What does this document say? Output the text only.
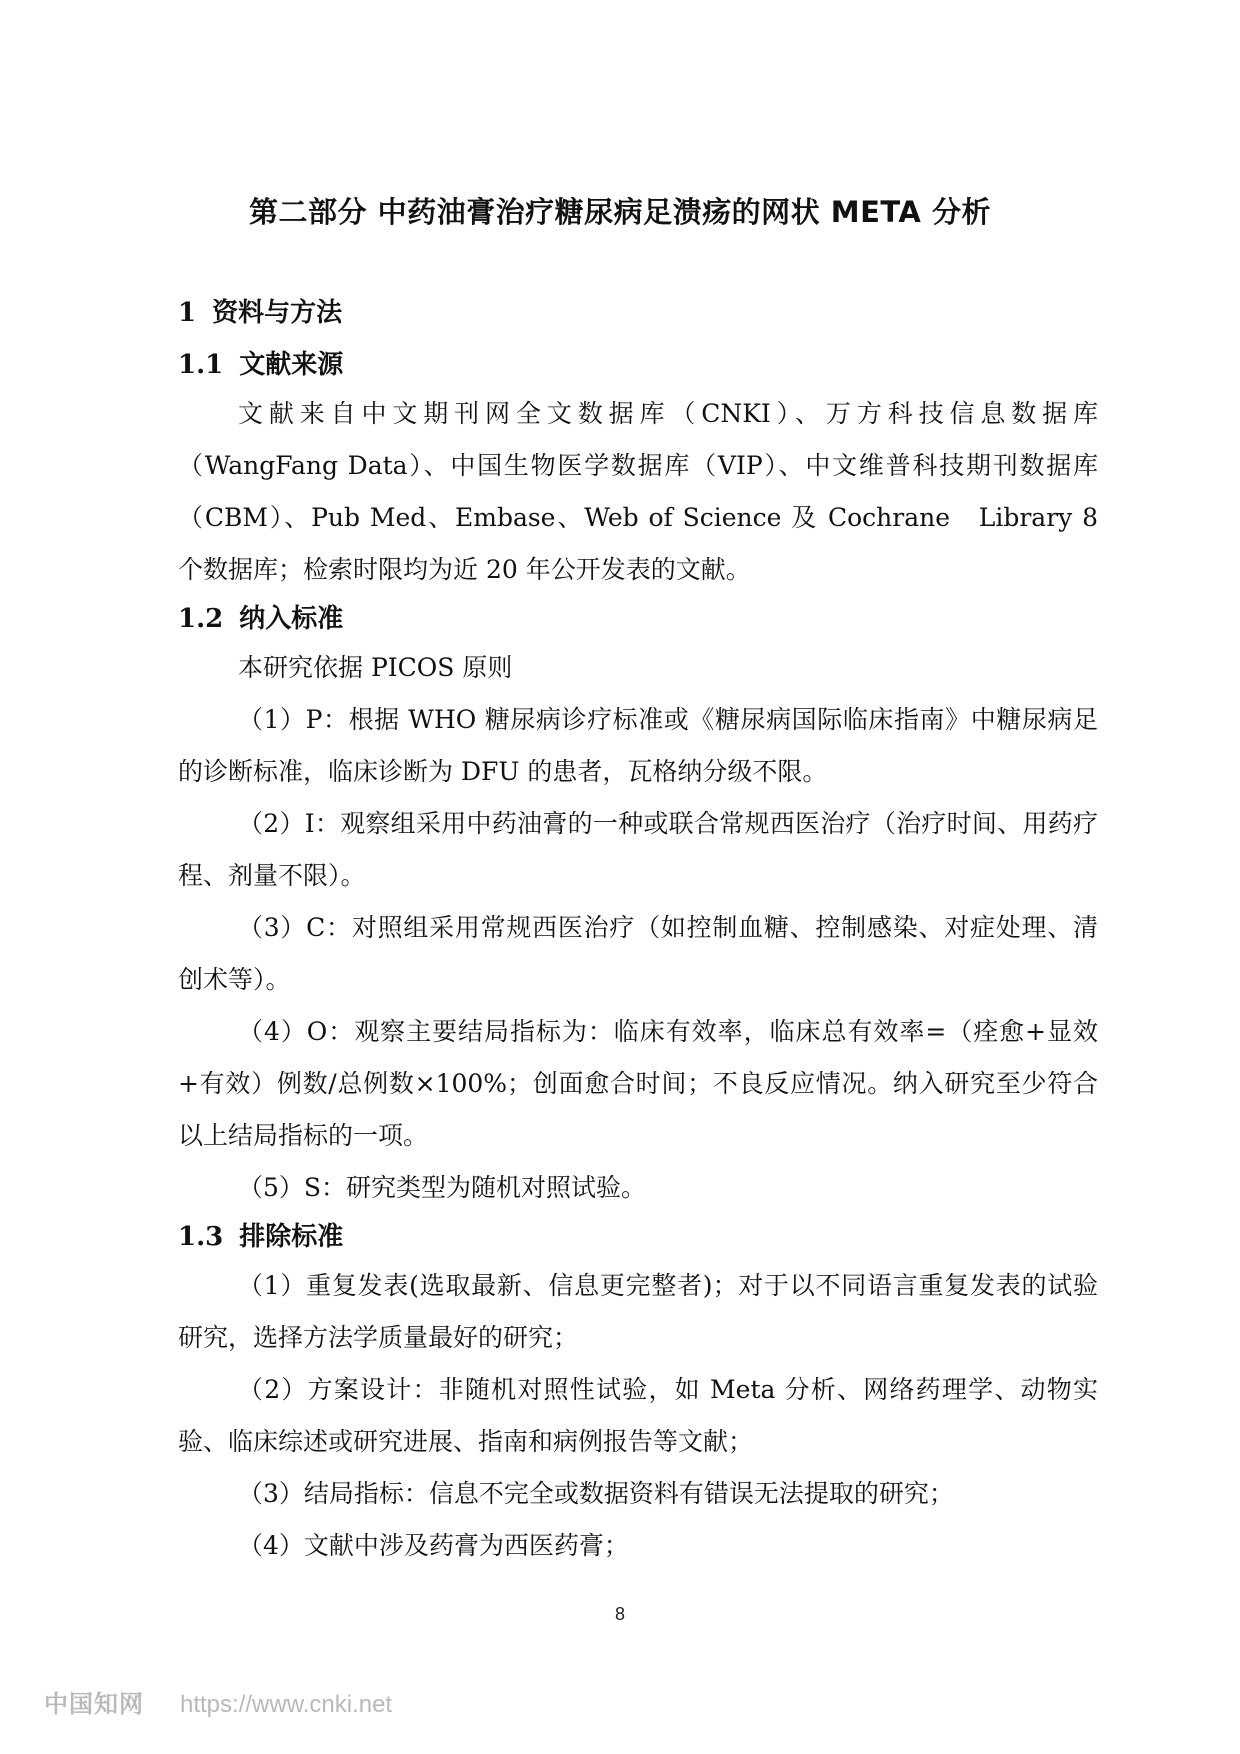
第二部分 中药油膏治疗糖尿病足溃疡的网状 META 分析
1 资料与方法
1.1 文献来源

文献来自中文期刊网全文数据库（CNKI）、万方科技信息数据库（WangFang Data）、中国生物医学数据库（VIP）、中文维普科技期刊数据库（CBM）、Pub Med、Embase、Web of Science 及 Cochrane　Library 8 个数据库；检索时限均为近 20 年公开发表的文献。

1.2 纳入标准

本研究依据 PICOS 原则

（1）P：根据 WHO 糖尿病诊疗标准或《糖尿病国际临床指南》中糖尿病足的诊断标准，临床诊断为 DFU 的患者，瓦格纳分级不限。

（2）I：观察组采用中药油膏的一种或联合常规西医治疗（治疗时间、用药疗程、剂量不限）。

（3）C：对照组采用常规西医治疗（如控制血糖、控制感染、对症处理、清创术等）。

（4）O：观察主要结局指标为：临床有效率，临床总有效率=（痊愈+显效+有效）例数/总例数×100%；创面愈合时间；不良反应情况。纳入研究至少符合以上结局指标的一项。

（5）S：研究类型为随机对照试验。

1.3 排除标准

（1）重复发表(选取最新、信息更完整者)；对于以不同语言重复发表的试验研究，选择方法学质量最好的研究；

（2）方案设计：非随机对照性试验，如 Meta 分析、网络药理学、动物实验、临床综述或研究进展、指南和病例报告等文献；

（3）结局指标：信息不完全或数据资料有错误无法提取的研究；

（4）文献中涉及药膏为西医药膏；

8
中国知网 https://www.cnki.net
